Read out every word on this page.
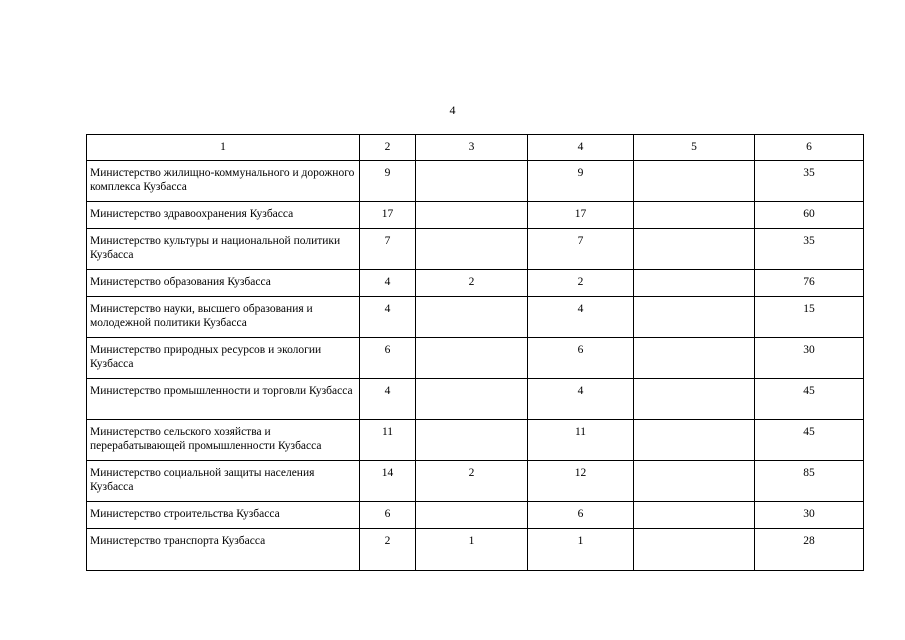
4
1	2	3	4	5	6
Министерство жилищно-коммунального и дорожного комплекса Кузбасса	9		9		35
Министерство здравоохранения Кузбасса	17		17		60
Министерство культуры и национальной политики Кузбасса	7		7		35
Министерство образования Кузбасса	4	2	2		76
Министерство науки, высшего образования и молодежной политики Кузбасса	4		4		15
Министерство природных ресурсов и экологии Кузбасса	6		6		30
Министерство промышленности и торговли Кузбасса	4		4		45
Министерство сельского хозяйства и перерабатывающей промышленности Кузбасса	11		11		45
Министерство социальной защиты населения Кузбасса	14	2	12		85
Министерство строительства Кузбасса	6		6		30
Министерство транспорта Кузбасса	2	1	1		28
